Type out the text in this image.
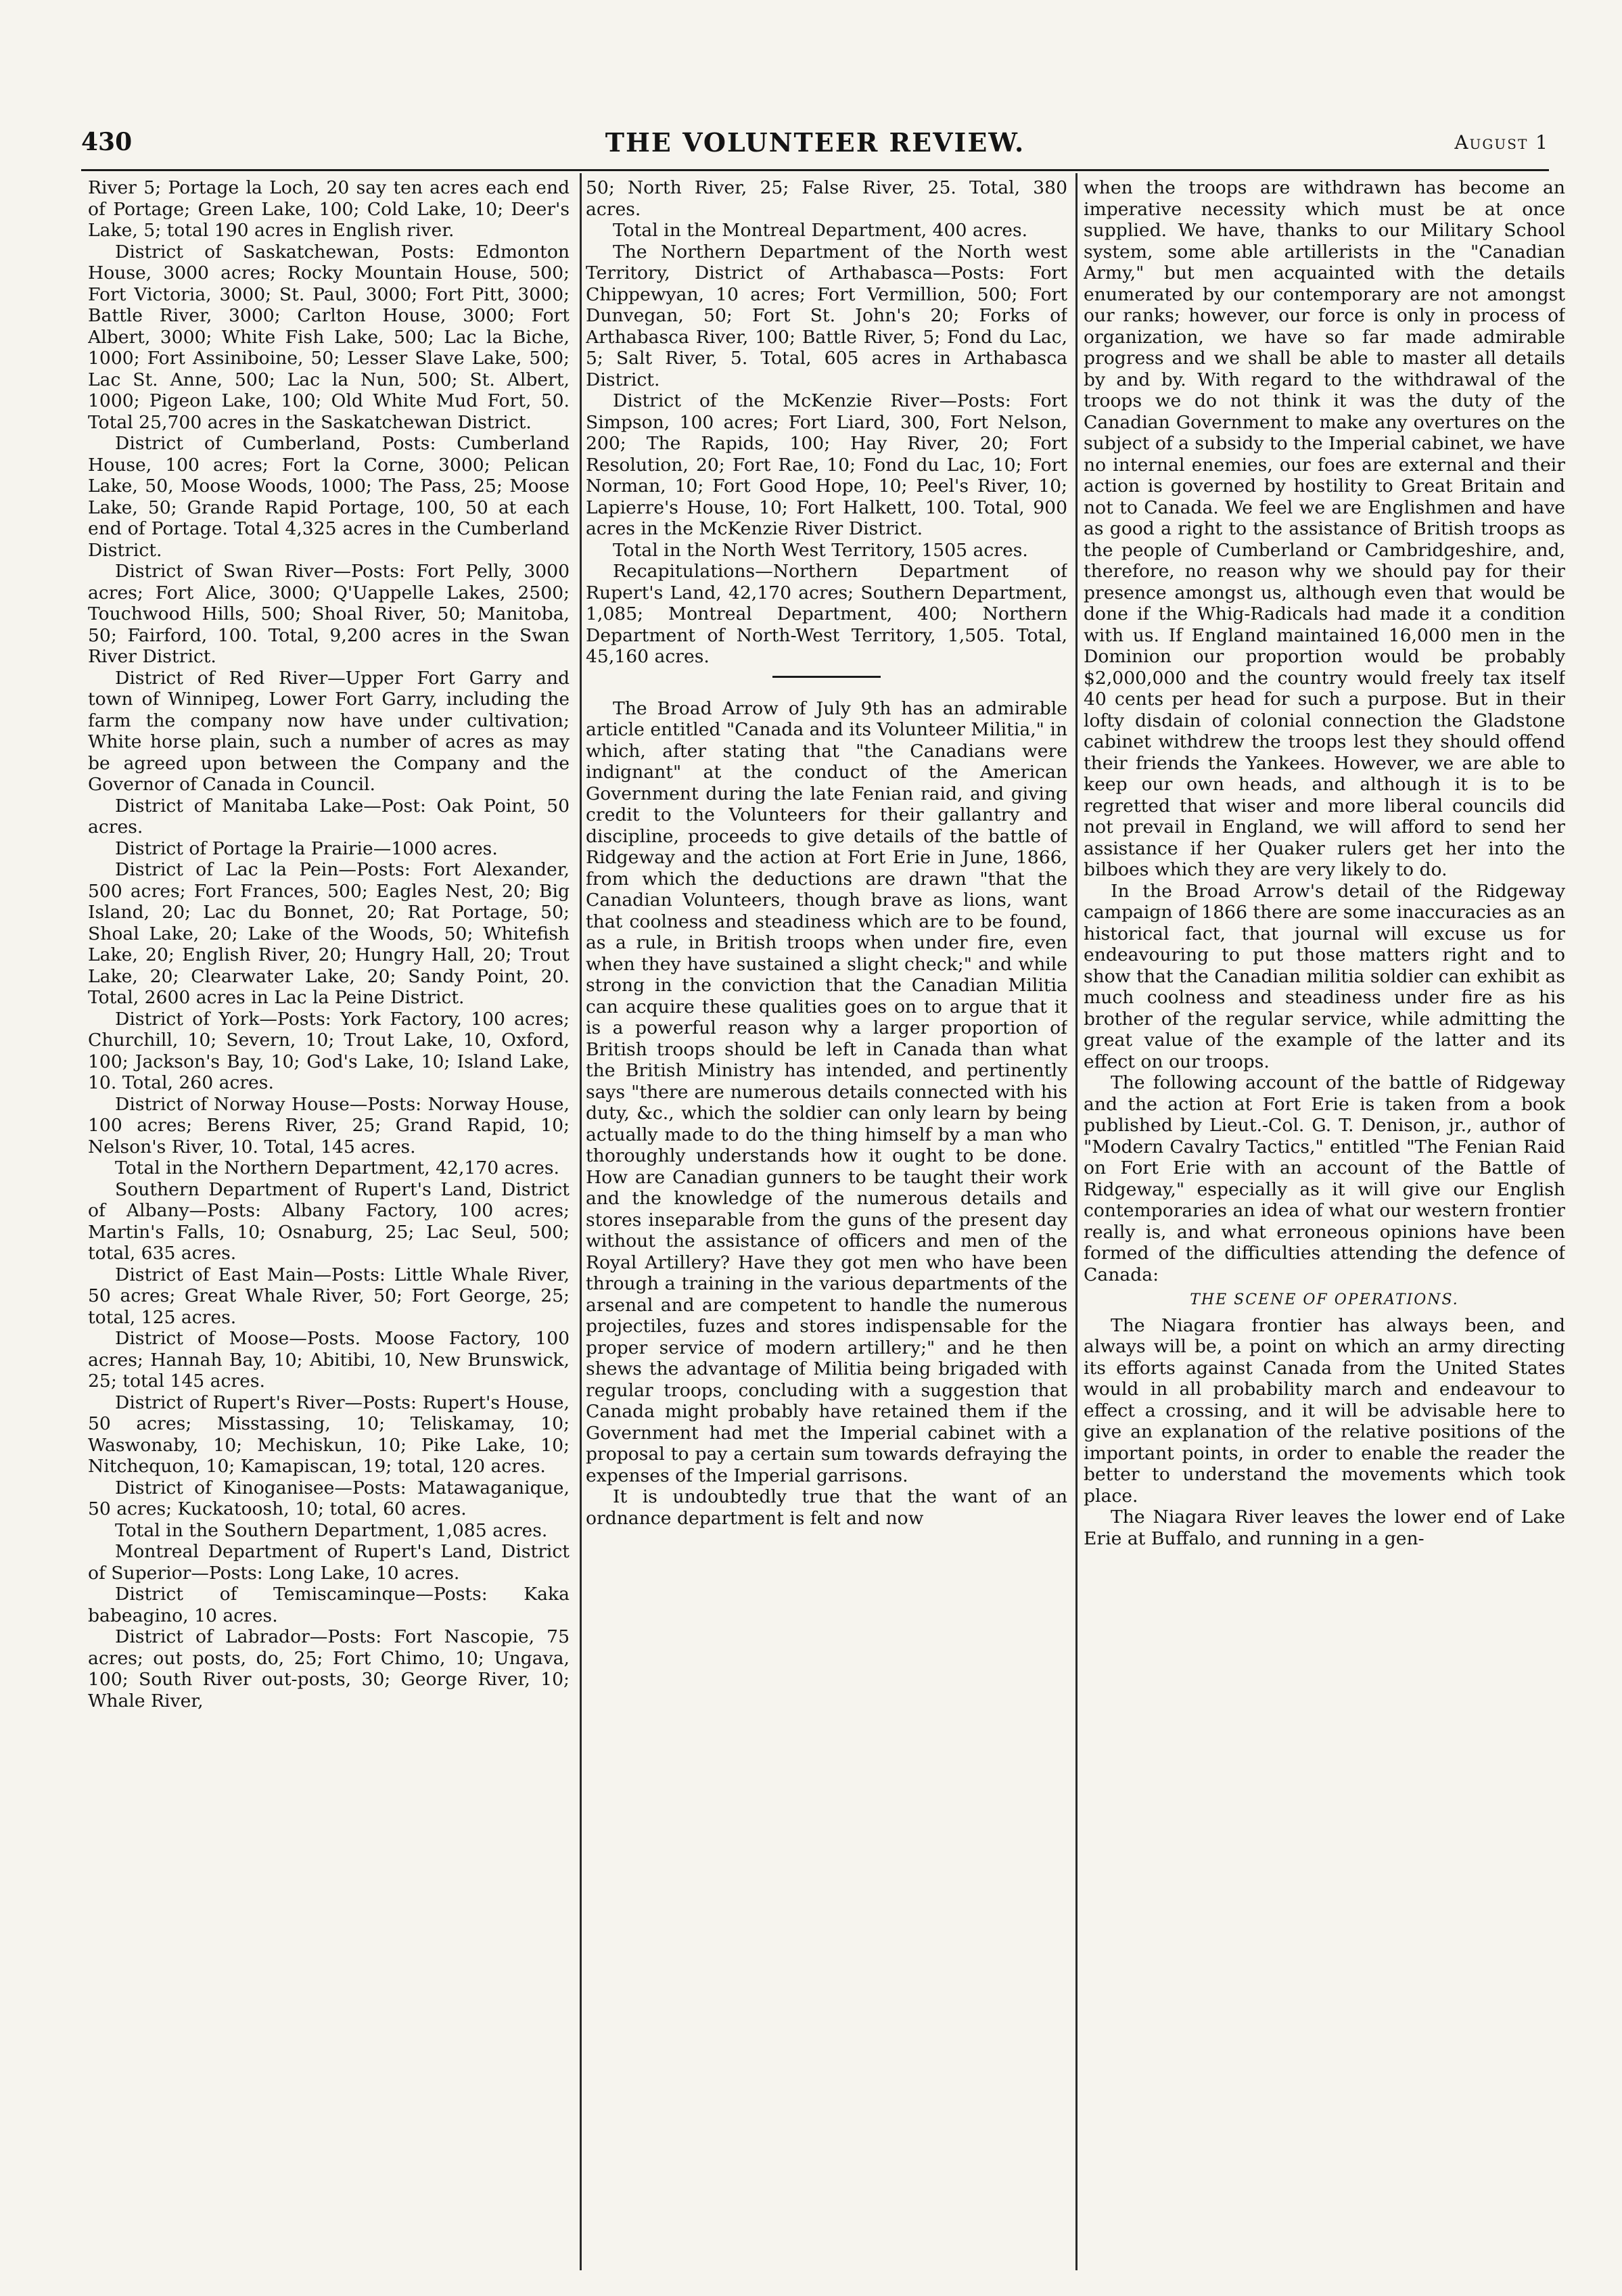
430	THE VOLUNTEER REVIEW.	August 1

River 5; Portage la Loch, 20 say ten acres each end of Portage; Green Lake, 100; Cold Lake, 10; Deer's Lake, 5; total 190 acres in English river.

District of Saskatchewan, Posts: Edmonton House, 3000 acres; Rocky Mountain House, 500; Fort Victoria, 3000; St. Paul, 3000; Fort Pitt, 3000; Battle River, 3000; Carlton House, 3000; Fort Albert, 3000; White Fish Lake, 500; Lac la Biche, 1000; Fort Assiniboine, 50; Lesser Slave Lake, 500; Lac St. Anne, 500; Lac la Nun, 500; St. Albert, 1000; Pigeon Lake, 100; Old White Mud Fort, 50. Total 25,700 acres in the Saskatchewan District.

District of Cumberland, Posts: Cumberland House, 100 acres; Fort la Corne, 3000; Pelican Lake, 50, Moose Woods, 1000; The Pass, 25; Moose Lake, 50; Grande Rapid Portage, 100, 50 at each end of Portage. Total 4,325 acres in the Cumberland District.

District of Swan River—Posts: Fort Pelly, 3000 acres; Fort Alice, 3000; Q'Uappelle Lakes, 2500; Touchwood Hills, 500; Shoal River, 50; Manitoba, 50; Fairford, 100. Total, 9,200 acres in the Swan River District.

District of Red River—Upper Fort Garry and town of Winnipeg, Lower Fort Garry, including the farm the company now have under cultivation; White horse plain, such a number of acres as may be agreed upon between the Company and the Governor of Canada in Council.

District of Manitaba Lake—Post: Oak Point, 50 acres.

District of Portage la Prairie—1000 acres.

District of Lac la Pein—Posts: Fort Alexander, 500 acres; Fort Frances, 500; Eagles Nest, 20; Big Island, 20; Lac du Bonnet, 20; Rat Portage, 50; Shoal Lake, 20; Lake of the Woods, 50; Whitefish Lake, 20; English River, 20; Hungry Hall, 20; Trout Lake, 20; Clearwater Lake, 20; Sandy Point, 20. Total, 2600 acres in Lac la Peine District.

District of York—Posts: York Factory, 100 acres; Churchill, 10; Severn, 10; Trout Lake, 10, Oxford, 100; Jackson's Bay, 10; God's Lake, 10; Island Lake, 10. Total, 260 acres.

District of Norway House—Posts: Norway House, 100 acres; Berens River, 25; Grand Rapid, 10; Nelson's River, 10. Total, 145 acres.

Total in the Northern Department, 42,170 acres.

Southern Department of Rupert's Land, District of Albany—Posts: Albany Factory, 100 acres; Martin's Falls, 10; Osnaburg, 25; Lac Seul, 500; total, 635 acres.

District of East Main—Posts: Little Whale River, 50 acres; Great Whale River, 50; Fort George, 25; total, 125 acres.

District of Moose—Posts. Moose Factory, 100 acres; Hannah Bay, 10; Abitibi, 10, New Brunswick, 25; total 145 acres.

District of Rupert's River—Posts: Rupert's House, 50 acres; Misstassing, 10; Teliskamay, 10; Waswonaby, 10; Mechiskun, 10; Pike Lake, 10; Nitchequon, 10; Kamapiscan, 19; total, 120 acres.

District of Kinoganisee—Posts: Matawaganique, 50 acres; Kuckatoosh, 10; total, 60 acres.

Total in the Southern Department, 1,085 acres.

Montreal Department of Rupert's Land, District of Superior—Posts: Long Lake, 10 acres.

District of Temiscaminque—Posts: Kaka babeagino, 10 acres.

District of Labrador—Posts: Fort Nascopie, 75 acres; out posts, do, 25; Fort Chimo, 10; Ungava, 100; South River out-posts, 30; George River, 10; Whale River,

50; North River, 25; False River, 25. Total, 380 acres.

Total in the Montreal Department, 400 acres.

The Northern Department of the North west Territory, District of Arthabasca—Posts: Fort Chippewyan, 10 acres; Fort Vermillion, 500; Fort Dunvegan, 50; Fort St. John's 20; Forks of Arthabasca River, 100; Battle River, 5; Fond du Lac, 5; Salt River, 5. Total, 605 acres in Arthabasca District.

District of the McKenzie River—Posts: Fort Simpson, 100 acres; Fort Liard, 300, Fort Nelson, 200; The Rapids, 100; Hay River, 20; Fort Resolution, 20; Fort Rae, 10; Fond du Lac, 10; Fort Norman, 10; Fort Good Hope, 10; Peel's River, 10; Lapierre's House, 10; Fort Halkett, 100. Total, 900 acres in the McKenzie River District.

Total in the North West Territory, 1505 acres.

Recapitulations—Northern Department of Rupert's Land, 42,170 acres; Southern Department, 1,085; Montreal Department, 400; Northern Department of North-West Territory, 1,505. Total, 45,160 acres.

The Broad Arrow of July 9th has an admirable article entitled "Canada and its Volunteer Militia," in which, after stating that "the Canadians were indignant" at the conduct of the American Government during the late Fenian raid, and giving credit to the Volunteers for their gallantry and discipline, proceeds to give details of the battle of Ridgeway and the action at Fort Erie in June, 1866, from which the deductions are drawn "that the Canadian Volunteers, though brave as lions, want that coolness and steadiness which are to be found, as a rule, in British troops when under fire, even when they have sustained a slight check;" and while strong in the conviction that the Canadian Militia can acquire these qualities goes on to argue that it is a powerful reason why a larger proportion of British troops should be left in Canada than what the British Ministry has intended, and pertinently says "there are numerous details connected with his duty, &c., which the soldier can only learn by being actually made to do the thing himself by a man who thoroughly understands how it ought to be done. How are Canadian gunners to be taught their work and the knowledge of the numerous details and stores inseparable from the guns of the present day without the assistance of officers and men of the Royal Artillery? Have they got men who have been through a training in the various departments of the arsenal and are competent to handle the numerous projectiles, fuzes and stores indispensable for the proper service of modern artillery;" and he then shews the advantage of Militia being brigaded with regular troops, concluding with a suggestion that Canada might probably have retained them if the Government had met the Imperial cabinet with a proposal to pay a certain sum towards defraying the expenses of the Imperial garrisons.

It is undoubtedly true that the want of an ordnance department is felt and now

when the troops are withdrawn has become an imperative necessity which must be at once supplied. We have, thanks to our Military School system, some able artillerists in the "Canadian Army," but men acquainted with the details enumerated by our contemporary are not amongst our ranks; however, our force is only in process of organization, we have so far made admirable progress and we shall be able to master all details by and by. With regard to the withdrawal of the troops we do not think it was the duty of the Canadian Government to make any overtures on the subject of a subsidy to the Imperial cabinet, we have no internal enemies, our foes are external and their action is governed by hostility to Great Britain and not to Canada. We feel we are Englishmen and have as good a right to the assistance of British troops as the people of Cumberland or Cambridgeshire, and, therefore, no reason why we should pay for their presence amongst us, although even that would be done if the Whig-Radicals had made it a condition with us. If England maintained 16,000 men in the Dominion our proportion would be probably $2,000,000 and the country would freely tax itself 40 cents per head for such a purpose. But in their lofty disdain of colonial connection the Gladstone cabinet withdrew the troops lest they should offend their friends the Yankees. However, we are able to keep our own heads, and although it is to be regretted that wiser and more liberal councils did not prevail in England, we will afford to send her assistance if her Quaker rulers get her into the bilboes which they are very likely to do.

In the Broad Arrow's detail of the Ridgeway campaign of 1866 there are some inaccuracies as an historical fact, that journal will excuse us for endeavouring to put those matters right and to show that the Canadian militia soldier can exhibit as much coolness and steadiness under fire as his brother of the regular service, while admitting the great value of the example of the latter and its effect on our troops.

The following account of the battle of Ridgeway and the action at Fort Erie is taken from a book published by Lieut.-Col. G. T. Denison, jr., author of "Modern Cavalry Tactics," entitled "The Fenian Raid on Fort Erie with an account of the Battle of Ridgeway," especially as it will give our English contemporaries an idea of what our western frontier really is, and what erroneous opinions have been formed of the difficulties attending the defence of Canada:

THE SCENE OF OPERATIONS.

The Niagara frontier has always been, and always will be, a point on which an army directing its efforts against Canada from the United States would in all probability march and endeavour to effect a crossing, and it will be advisable here to give an explanation of the relative positions of the important points, in order to enable the reader the better to understand the movements which took place.

The Niagara River leaves the lower end of Lake Erie at Buffalo, and running in a gen-
